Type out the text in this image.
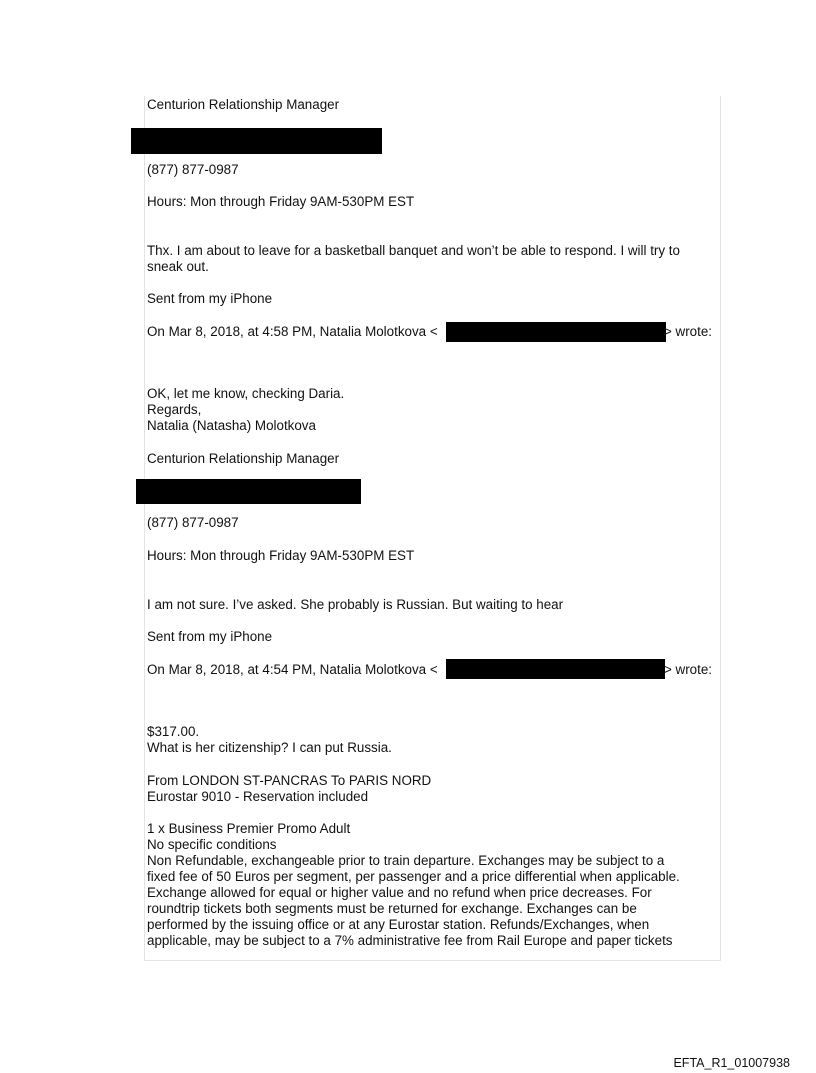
Centurion Relationship Manager
(877) 877-0987
Hours: Mon through Friday 9AM-530PM EST
Thx. I am about to leave for a basketball banquet and won’t be able to respond. I will try to
sneak out.
Sent from my iPhone
On Mar 8, 2018, at 4:58 PM, Natalia Molotkova <	> wrote:
OK, let me know, checking Daria.
Regards,
Natalia (Natasha) Molotkova
Centurion Relationship Manager
(877) 877-0987
Hours: Mon through Friday 9AM-530PM EST
I am not sure. I’ve asked. She probably is Russian. But waiting to hear
Sent from my iPhone
On Mar 8, 2018, at 4:54 PM, Natalia Molotkova <	> wrote:
$317.00.
What is her citizenship? I can put Russia.
From LONDON ST-PANCRAS To PARIS NORD
Eurostar 9010 - Reservation included
1 x Business Premier Promo Adult
No specific conditions
Non Refundable, exchangeable prior to train departure. Exchanges may be subject to a
fixed fee of 50 Euros per segment, per passenger and a price differential when applicable.
Exchange allowed for equal or higher value and no refund when price decreases. For
roundtrip tickets both segments must be returned for exchange. Exchanges can be
performed by the issuing office or at any Eurostar station. Refunds/Exchanges, when
applicable, may be subject to a 7% administrative fee from Rail Europe and paper tickets
EFTA_R1_01007938
